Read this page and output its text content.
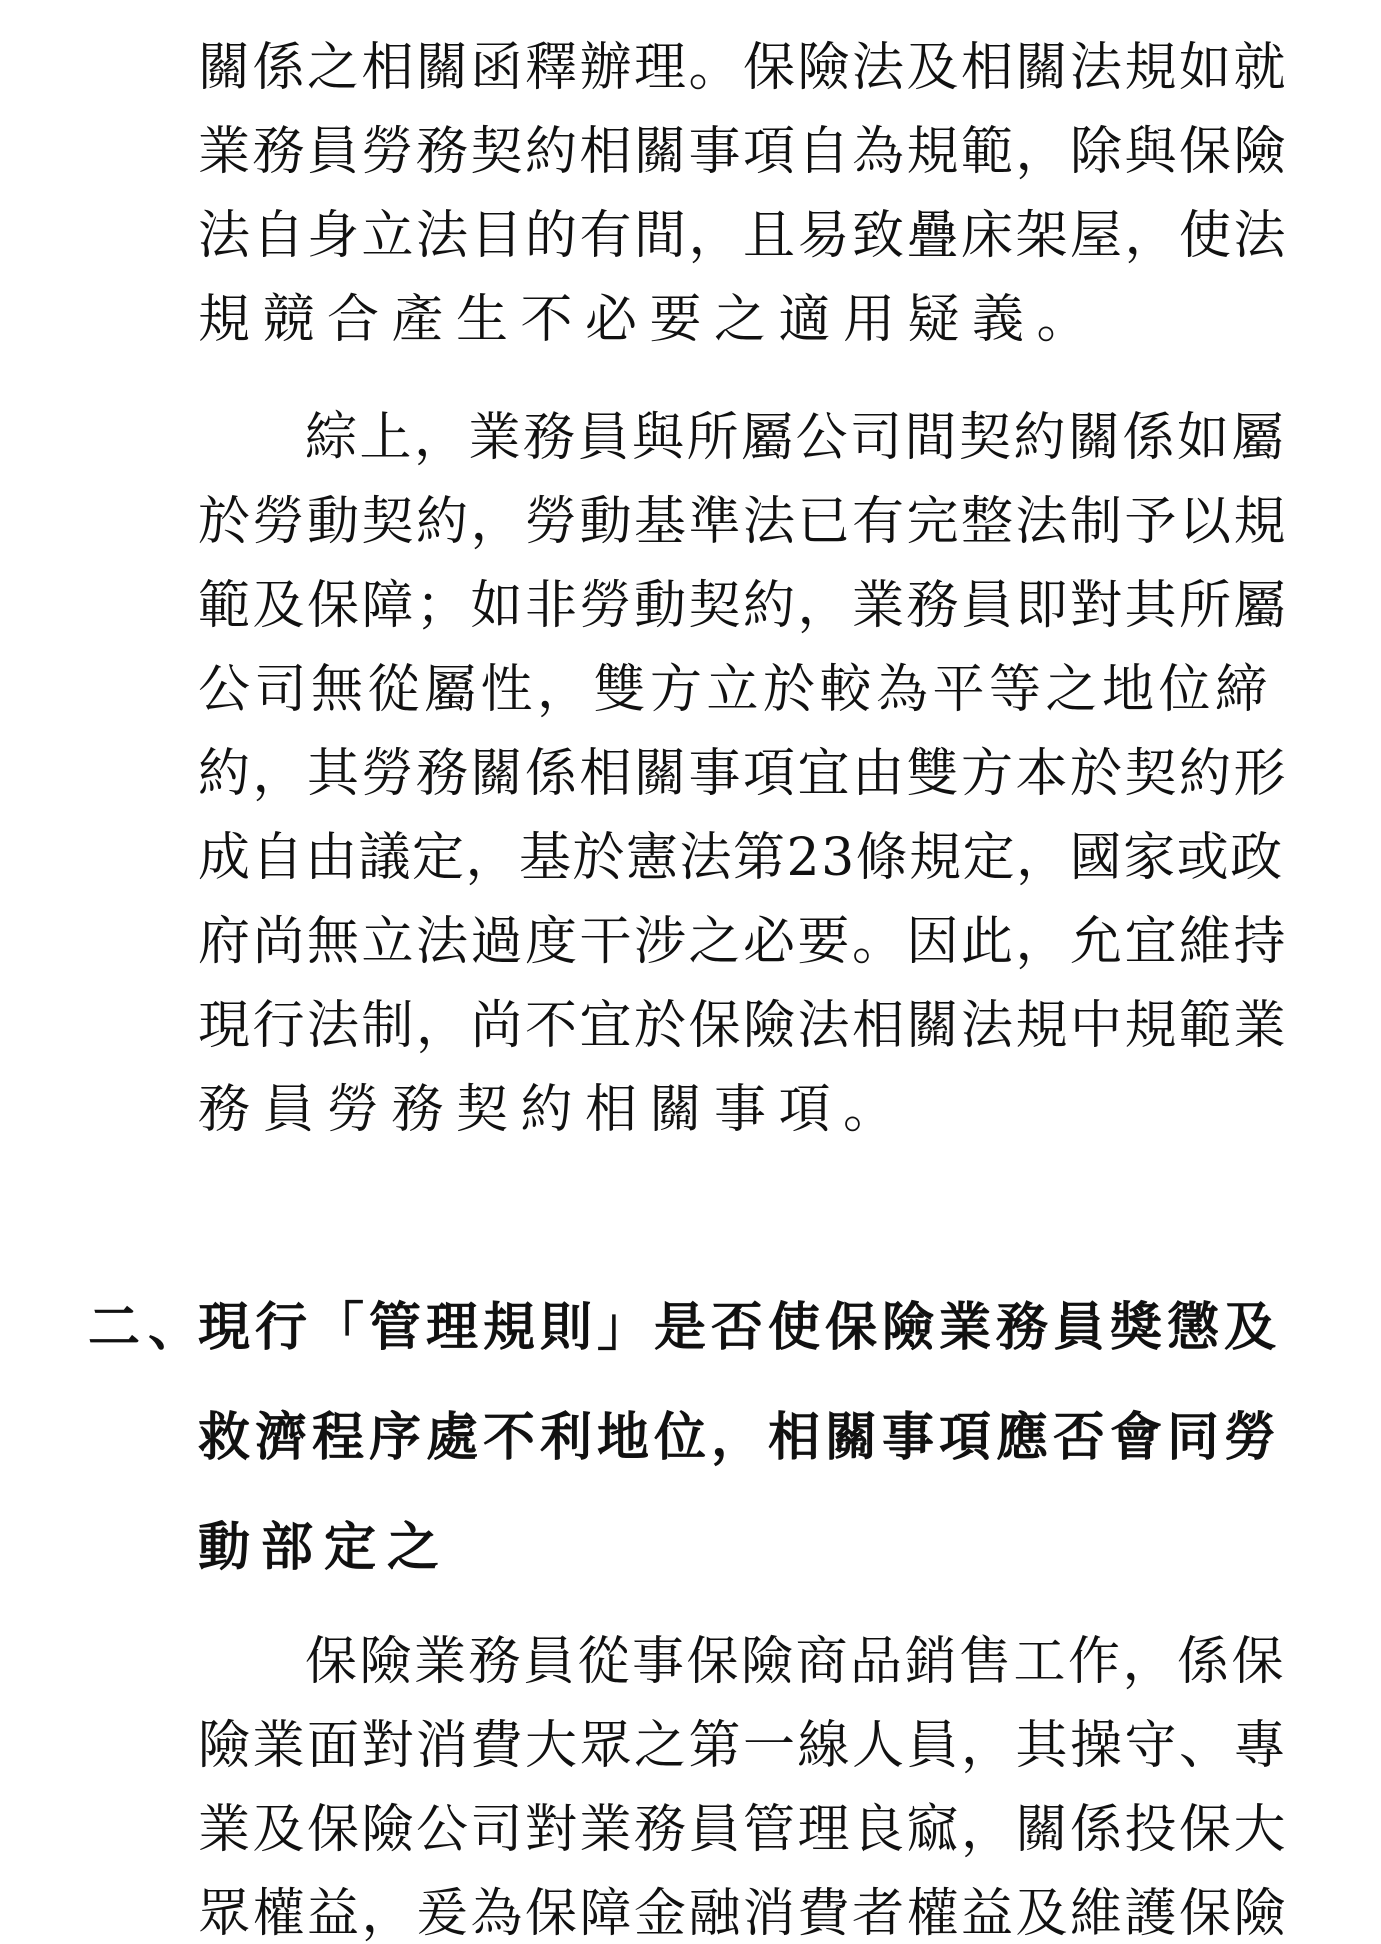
關係之相關函釋辦理。保險法及相關法規如就
業務員勞務契約相關事項自為規範，除與保險
法自身立法目的有間，且易致疊床架屋，使法
規競合產生不必要之適用疑義。
綜上，業務員與所屬公司間契約關係如屬
於勞動契約，勞動基準法已有完整法制予以規
範及保障；如非勞動契約，業務員即對其所屬
公司無從屬性，雙方立於較為平等之地位締
約，其勞務關係相關事項宜由雙方本於契約形
成自由議定，基於憲法第23條規定，國家或政
府尚無立法過度干涉之必要。因此，允宜維持
現行法制，尚不宜於保險法相關法規中規範業
務員勞務契約相關事項。
二、
現行「管理規則」是否使保險業務員獎懲及
救濟程序處不利地位，相關事項應否會同勞
動部定之
保險業務員從事保險商品銷售工作，係保
險業面對消費大眾之第一線人員，其操守、專
業及保險公司對業務員管理良窳，關係投保大
眾權益，爰為保障金融消費者權益及維護保險
